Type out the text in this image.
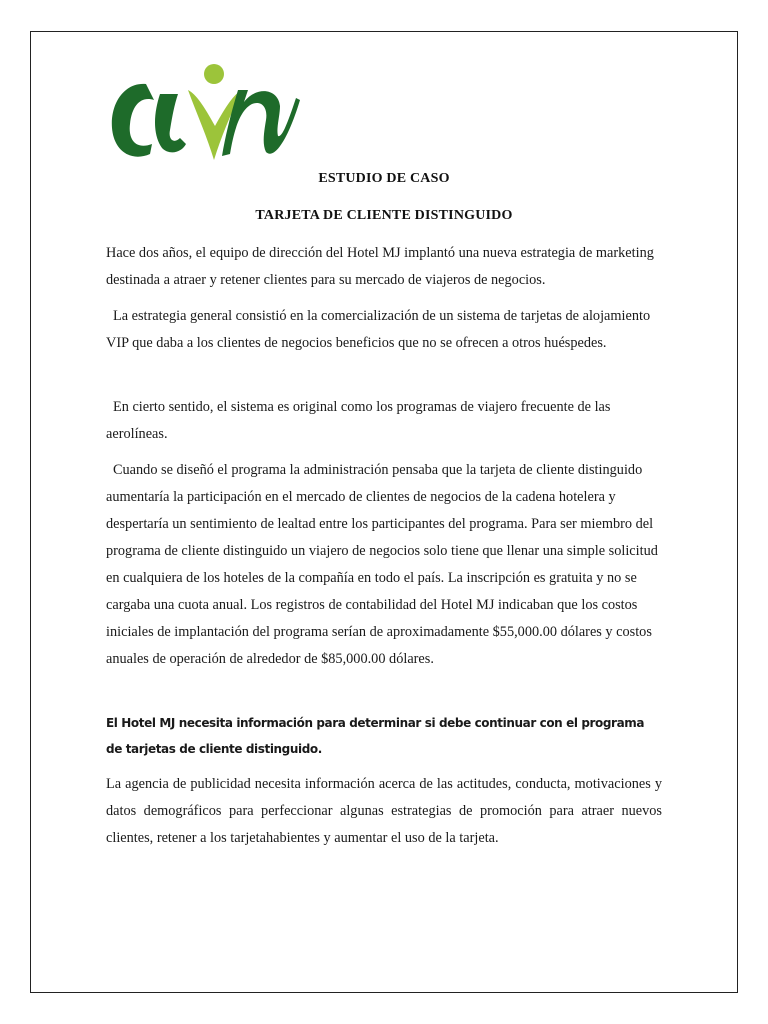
ESTUDIO DE CASO

TARJETA DE CLIENTE DISTINGUIDO

Hace dos años, el equipo de dirección del Hotel MJ implantó una nueva estrategia de marketing destinada a atraer y retener clientes para su mercado de viajeros de negocios.

La estrategia general consistió en la comercialización de un sistema de tarjetas de alojamiento VIP que daba a los clientes de negocios beneficios que no se ofrecen a otros huéspedes.

En cierto sentido, el sistema es original como los programas de viajero frecuente de las aerolíneas.

Cuando se diseñó el programa la administración pensaba que la tarjeta de cliente distinguido aumentaría la participación en el mercado de clientes de negocios de la cadena hotelera y despertaría un sentimiento de lealtad entre los participantes del programa. Para ser miembro del programa de cliente distinguido un viajero de negocios solo tiene que llenar una simple solicitud en cualquiera de los hoteles de la compañía en todo el país. La inscripción es gratuita y no se cargaba una cuota anual. Los registros de contabilidad del Hotel MJ indicaban que los costos iniciales de implantación del programa serían de aproximadamente $55,000.00 dólares y costos anuales de operación de alrededor de $85,000.00 dólares.

El Hotel MJ necesita información para determinar si debe continuar con el programa de tarjetas de cliente distinguido.

La agencia de publicidad necesita información acerca de las actitudes, conducta, motivaciones y datos demográficos para perfeccionar algunas estrategias de promoción para atraer nuevos clientes, retener a los tarjetahabientes y aumentar el uso de la tarjeta.
